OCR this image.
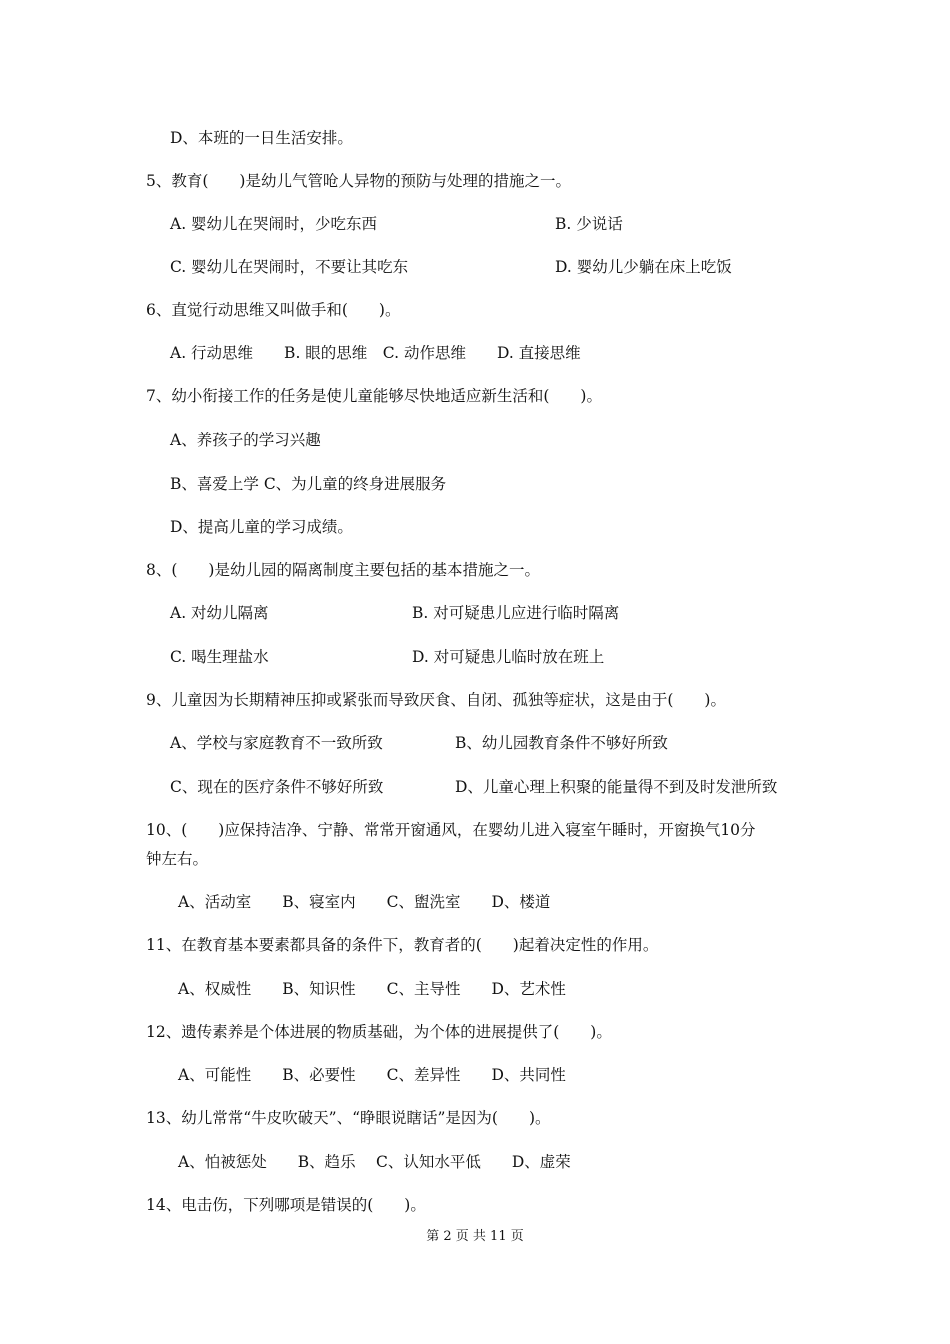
D、本班的一日生活安排。
5、教育(　　)是幼儿气管呛人异物的预防与处理的措施之一。
A. 婴幼儿在哭闹时，少吃东西	B. 少说话
C. 婴幼儿在哭闹时，不要让其吃东	D. 婴幼儿少躺在床上吃饭
6、直觉行动思维又叫做手和(　　)。
A. 行动思维　　B. 眼的思维　C. 动作思维　　D. 直接思维
7、幼小衔接工作的任务是使儿童能够尽快地适应新生活和(　　)。
A、养孩子的学习兴趣
B、喜爱上学 C、为儿童的终身进展服务
D、提高儿童的学习成绩。
8、(　　)是幼儿园的隔离制度主要包括的基本措施之一。
A. 对幼儿隔离	B. 对可疑患儿应进行临时隔离
C. 喝生理盐水	D. 对可疑患儿临时放在班上
9、儿童因为长期精神压抑或紧张而导致厌食、自闭、孤独等症状，这是由于(　　)。
A、学校与家庭教育不一致所致	B、幼儿园教育条件不够好所致
C、现在的医疗条件不够好所致	D、儿童心理上积聚的能量得不到及时发泄所致
10、(　　)应保持洁净、宁静、常常开窗通风，在婴幼儿进入寝室午睡时，开窗换气10分
钟左右。
A、活动室　　B、寝室内　　C、盥洗室　　D、楼道
11、在教育基本要素都具备的条件下，教育者的(　　)起着决定性的作用。
A、权威性　　B、知识性　　C、主导性　　D、艺术性
12、遗传素养是个体进展的物质基础，为个体的进展提供了(　　)。
A、可能性　　B、必要性　　C、差异性　　D、共同性
13、幼儿常常“牛皮吹破天”、“睁眼说瞎话”是因为(　　)。
A、怕被惩处　　B、趋乐　 C、认知水平低　　D、虚荣
14、电击伤，下列哪项是错误的(　　)。
第 2 页 共 11 页
